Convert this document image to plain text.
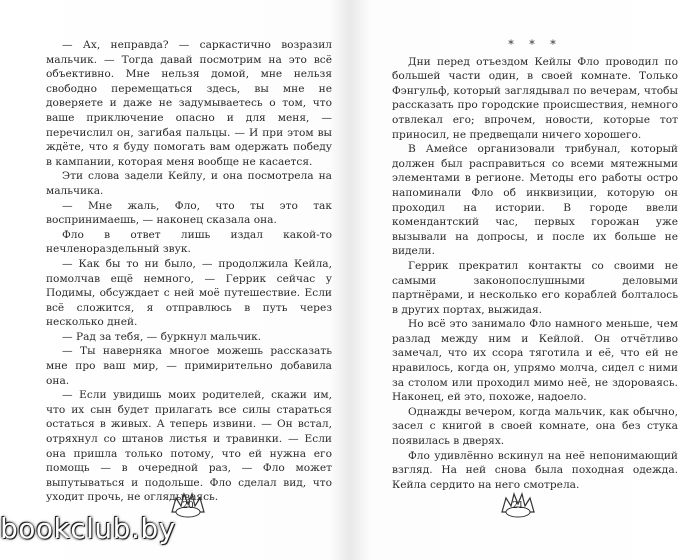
— Ах, неправда? — саркастично возразил мальчик. — Тогда давай посмотрим на это всё объективно. Мне нельзя домой, мне нельзя свободно перемещаться здесь, вы мне не доверяете и даже не задумываетесь о том, что ваше приключение опасно и для меня, — перечислил он, загибая пальцы. — И при этом вы ждёте, что я буду помогать вам одержать победу в кампании, которая меня вообще не касается.

Эти слова задели Кейлу, и она посмотрела на мальчика.

— Мне жаль, Фло, что ты это так воспринимаешь, — наконец сказала она.

Фло в ответ лишь издал какой-то нечленораздельный звук.

— Как бы то ни было, — продолжила Кейла, помолчав ещё немного, — Геррик сейчас у Подимы, обсуждает с ней моё путешествие. Если всё сложится, я отправлюсь в путь через несколько дней.

— Рад за тебя, — буркнул мальчик.

— Ты наверняка многое можешь рассказать мне про ваш мир, — примирительно добавила она.

— Если увидишь моих родителей, скажи им, что их сын будет прилагать все силы стараться остаться в живых. А теперь извини. — Он встал, отряхнул со штанов листья и травинки. — Если она пришла только потому, что ей нужна его помощь — в очередной раз, — Фло может выпутываться и подольше. Фло сделал вид, что уходит прочь, не оглядываясь.

* * *

Дни перед отъездом Кейлы Фло проводил по большей части один, в своей комнате. Только Фэнгульф, который заглядывал по вечерам, чтобы рассказать про городские происшествия, немного отвлекал его; впрочем, новости, которые тот приносил, не предвещали ничего хорошего.

В Амейсе организовали трибунал, который должен был расправиться со всеми мятежными элементами в регионе. Методы его работы остро напоминали Фло об инквизиции, которую он проходил на истории. В городе ввели комендантский час, первых горожан уже вызывали на допросы, и после их больше не видели.

Геррик прекратил контакты со своими не самыми законопослушными деловыми партнёрами, и несколько его кораблей болталось в других портах, выжидая.

Но всё это занимало Фло намного меньше, чем разлад между ним и Кейлой. Он отчётливо замечал, что их ссора тяготила и её, что ей не нравилось, когда он, упрямо молча, сидел с ними за столом или проходил мимо неё, не здороваясь. Наконец, ей это, похоже, надоело.

Однажды вечером, когда мальчик, как обычно, засел с книгой в своей комнате, она без стука появилась в дверях.

Фло удивлённо вскинул на неё непонимающий взгляд. На ней снова была походная одежда. Кейла сердито на него смотрела.

20	21
bookclub.by
